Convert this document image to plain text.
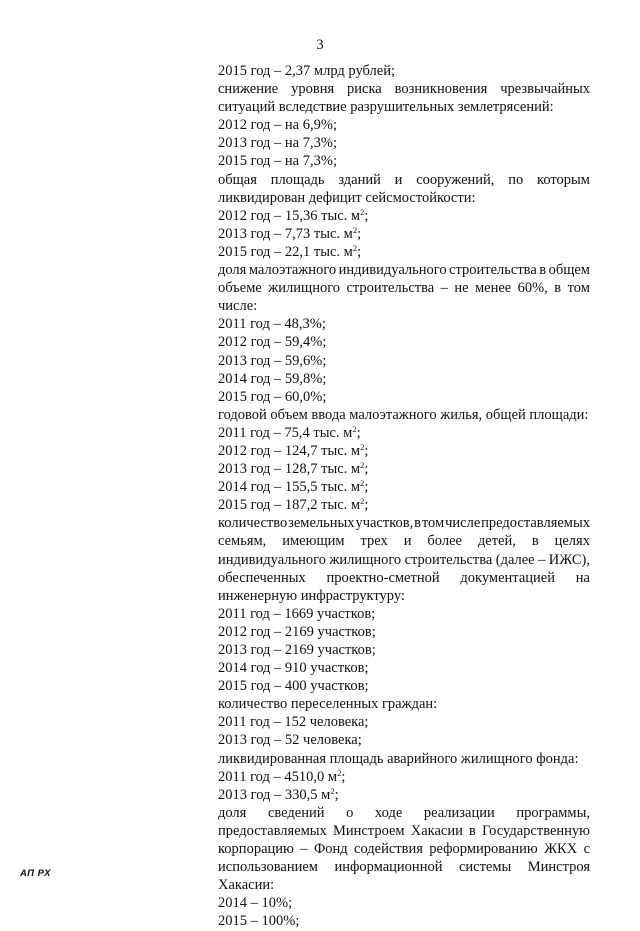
3
2015 год – 2,37 млрд рублей;
снижение уровня риска возникновения чрезвычайных
ситуаций вследствие разрушительных землетрясений:
2012 год – на 6,9%;
2013 год – на 7,3%;
2015 год – на 7,3%;
общая площадь зданий и сооружений, по которым
ликвидирован дефицит сейсмостойкости:
2012 год – 15,36 тыс. $м^2$;
2013 год – 7,73 тыс. $м^2$;
2015 год – 22,1 тыс. $м^2$;
доля малоэтажного индивидуального строительства в общем
объеме жилищного строительства – не менее 60%, в том
числе:
2011 год – 48,3%;
2012 год – 59,4%;
2013 год – 59,6%;
2014 год – 59,8%;
2015 год – 60,0%;
годовой объем ввода малоэтажного жилья, общей площади:
2011 год – 75,4 тыс. $м^2$;
2012 год – 124,7 тыс. $м^2$;
2013 год – 128,7 тыс. $м^2$;
2014 год – 155,5 тыс. $м^2$;
2015 год – 187,2 тыс. $м^2$;
количество земельных участков, в том числе предоставляемых
семьям, имеющим трех и более детей, в целях
индивидуального жилищного строительства (далее – ИЖС),
обеспеченных проектно-сметной документацией на
инженерную инфраструктуру:
2011 год – 1669 участков;
2012 год – 2169 участков;
2013 год – 2169 участков;
2014 год – 910 участков;
2015 год – 400 участков;
количество переселенных граждан:
2011 год – 152 человека;
2013 год – 52 человека;
ликвидированная площадь аварийного жилищного фонда:
2011 год – 4510,0 $м^2$;
2013 год – 330,5 $м^2$;
доля сведений о ходе реализации программы,
предоставляемых Минстроем Хакасии в Государственную
корпорацию – Фонд содействия реформированию ЖКХ с
использованием информационной системы Минстроя
Хакасии:
2014 – 10%;
2015 – 100%;
АП РХ
